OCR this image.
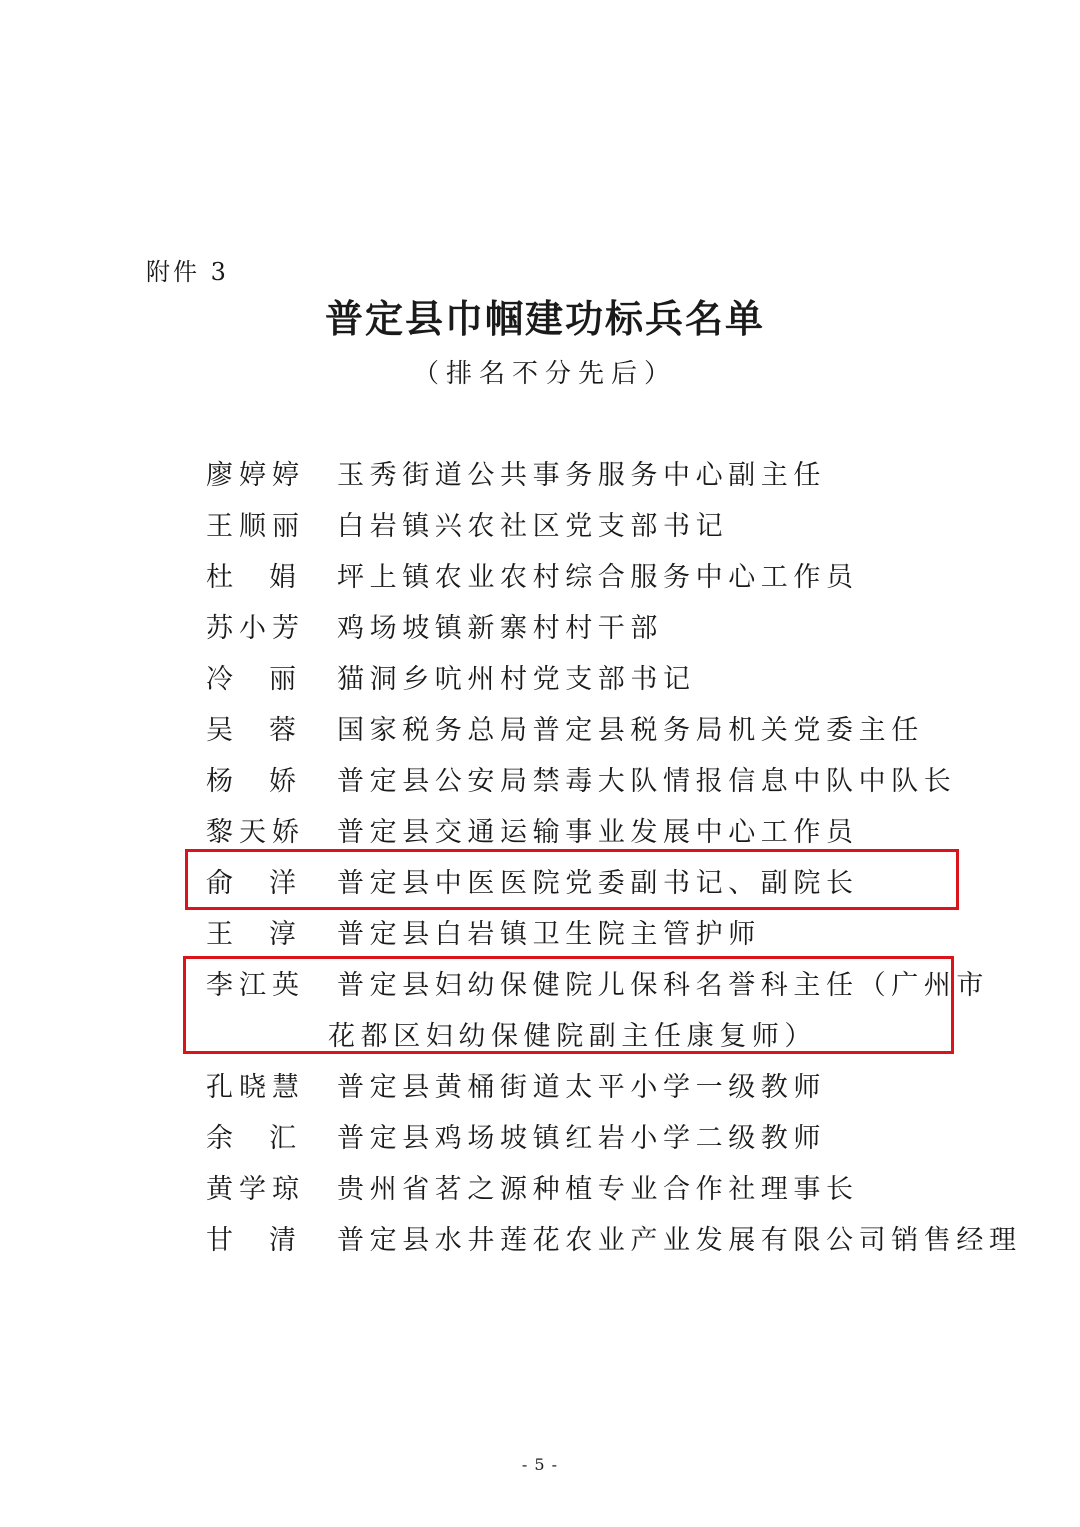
附件 3
普定县巾帼建功标兵名单
（排名不分先后）
廖婷婷 玉秀街道公共事务服务中心副主任
王顺丽 白岩镇兴农社区党支部书记
杜 娟 坪上镇农业农村综合服务中心工作员
苏小芳 鸡场坡镇新寨村村干部
冷 丽 猫洞乡吭州村党支部书记
吴 蓉 国家税务总局普定县税务局机关党委主任
杨 娇 普定县公安局禁毒大队情报信息中队中队长
黎天娇 普定县交通运输事业发展中心工作员
俞 洋 普定县中医医院党委副书记、副院长
王 淳 普定县白岩镇卫生院主管护师
李江英 普定县妇幼保健院儿保科名誉科主任（广州市
花都区妇幼保健院副主任康复师）
孔晓慧 普定县黄桶街道太平小学一级教师
余 汇 普定县鸡场坡镇红岩小学二级教师
黄学琼 贵州省茗之源种植专业合作社理事长
甘 清 普定县水井莲花农业产业发展有限公司销售经理
- 5 -
